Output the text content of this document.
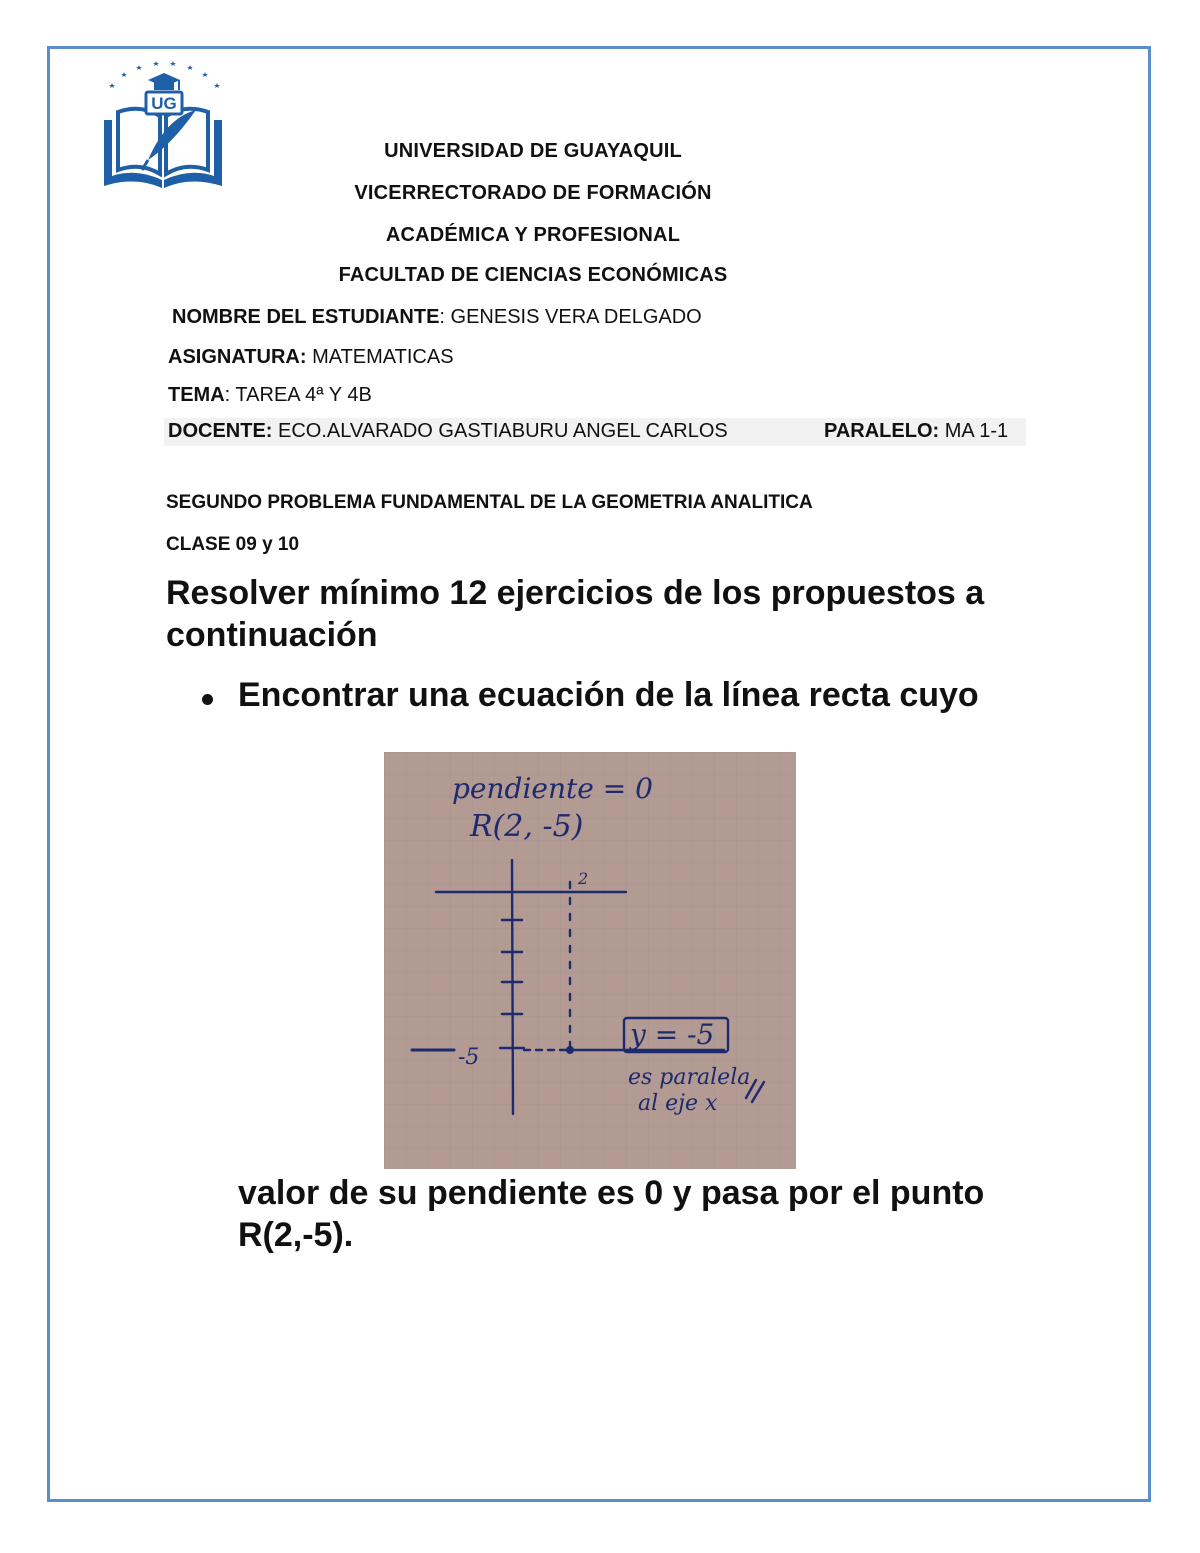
UG
UNIVERSIDAD DE GUAYAQUIL
VICERRECTORADO DE FORMACIÓN
ACADÉMICA Y PROFESIONAL
FACULTAD DE CIENCIAS ECONÓMICAS
NOMBRE DEL ESTUDIANTE: GENESIS VERA DELGADO
ASIGNATURA: MATEMATICAS
TEMA: TAREA 4ª Y 4B
DOCENTE: ECO.ALVARADO GASTIABURU ANGEL CARLOS	PARALELO: MA 1-1
SEGUNDO PROBLEMA FUNDAMENTAL DE LA GEOMETRIA ANALITICA
CLASE 09 y 10
Resolver mínimo 12 ejercicios de los propuestos a continuación
Encontrar una ecuación de la línea recta cuyo
pendiente = 0
R(2, -5)
2
-5
y = -5
es paralela
al eje x
valor de su pendiente es 0 y pasa por el punto R(2,-5).
